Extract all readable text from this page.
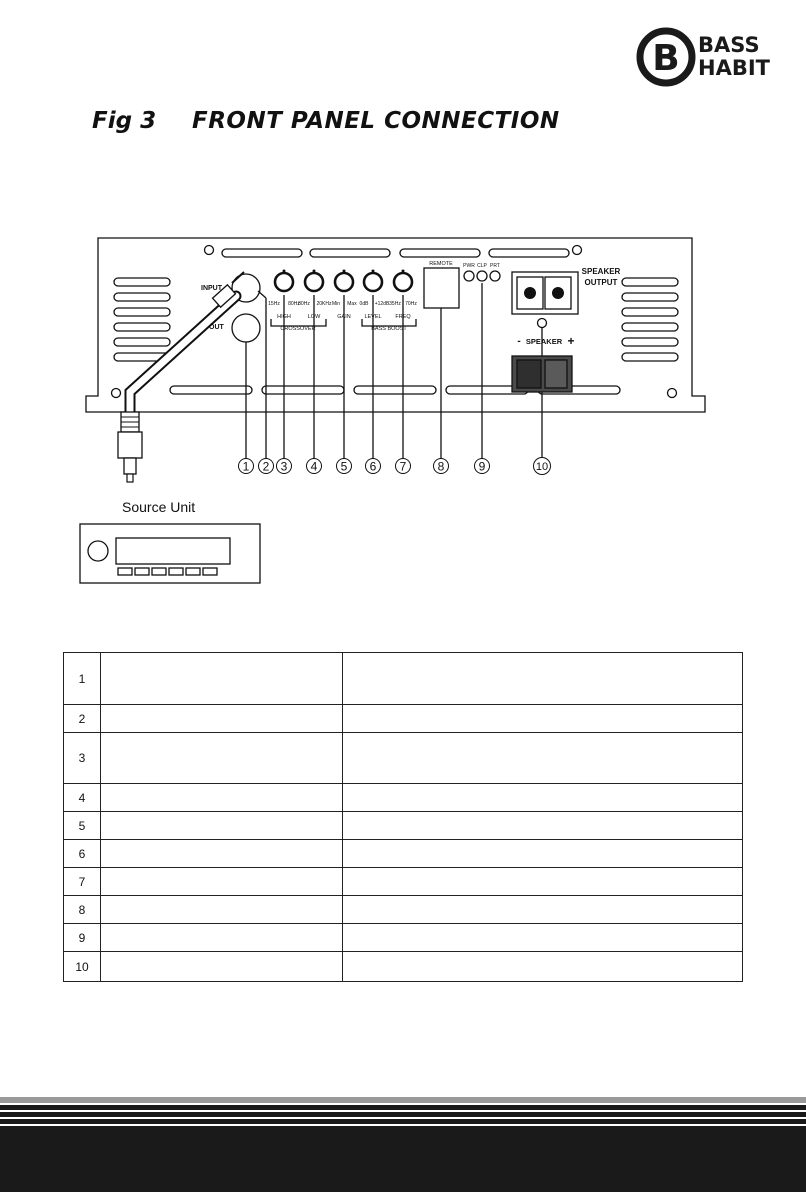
B BASS
HABIT
Fig 3 FRONT PANEL CONNECTION
INPUT
OUT
15Hz 80Hz
80Hz 20KHz Min Max 0dB +12dB 35Hz 70Hz
HIGH	LOW	GAIN LEVEL	FREQ
CROSSOVER	BASS BOOST
REMOTE PWR CLP PRT
SPEAKER
OUTPUT
SPEAKER
-	+
1 2 3 4 5 6 7	8	9	10
Source Unit
1		
2		
3		
4		
5		
6		
7		
8		
9		
10		
